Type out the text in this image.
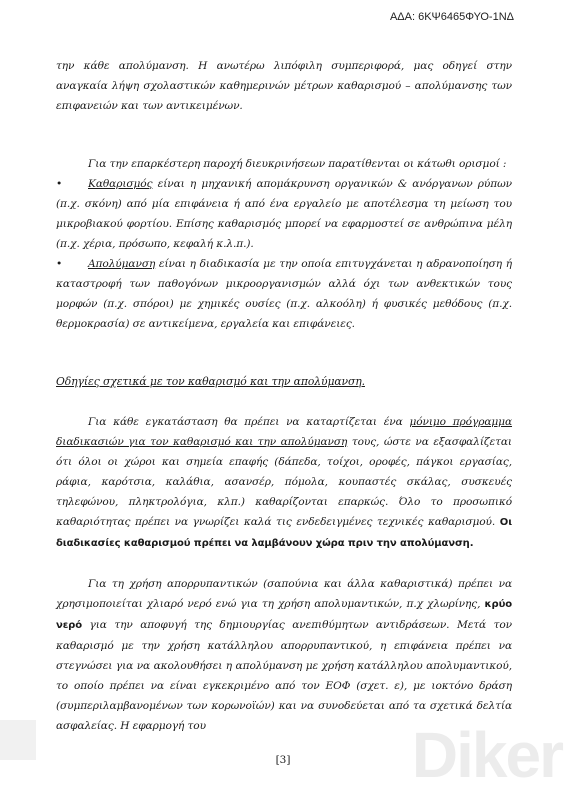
ΑΔΑ: 6ΚΨ6465ΦΥΟ-1ΝΔ

την κάθε απολύμανση. Η ανωτέρω λιπόφιλη συμπεριφορά, μας οδηγεί στην αναγκαία λήψη σχολαστικών καθημερινών μέτρων καθαρισμού – απολύμανσης των επιφανειών και των αντικειμένων.

Για την επαρκέστερη παροχή διευκρινήσεων παρατίθενται οι κάτωθι ορισμοί :

• Καθαρισμός είναι η μηχανική απομάκρυνση οργανικών & ανόργανων ρύπων (π.χ. σκόνη) από μία επιφάνεια ή από ένα εργαλείο με αποτέλεσμα τη μείωση του μικροβιακού φορτίου. Επίσης καθαρισμός μπορεί να εφαρμοστεί σε ανθρώπινα μέλη (π.χ. χέρια, πρόσωπο, κεφαλή κ.λ.π.).

• Απολύμανση είναι η διαδικασία με την οποία επιτυγχάνεται η αδρανοποίηση ή καταστροφή των παθογόνων μικροοργανισμών αλλά όχι των ανθεκτικών τους μορφών (π.χ. σπόροι) με χημικές ουσίες (π.χ. αλκοόλη) ή φυσικές μεθόδους (π.χ. θερμοκρασία) σε αντικείμενα, εργαλεία και επιφάνειες.

Οδηγίες σχετικά με τον καθαρισμό και την απολύμανση.

Για κάθε εγκατάσταση θα πρέπει να καταρτίζεται ένα μόνιμο πρόγραμμα διαδικασιών για τον καθαρισμό και την απολύμανση τους, ώστε να εξασφαλίζεται ότι όλοι οι χώροι και σημεία επαφής (δάπεδα, τοίχοι, οροφές, πάγκοι εργασίας, ράφια, καρότσια, καλάθια, ασανσέρ, πόμολα, κουπαστές σκάλας, συσκευές τηλεφώνου, πληκτρολόγια, κλπ.) καθαρίζονται επαρκώς. Όλο το προσωπικό καθαριότητας πρέπει να γνωρίζει καλά τις ενδεδειγμένες τεχνικές καθαρισμού. Οι διαδικασίες καθαρισμού πρέπει να λαμβάνουν χώρα πριν την απολύμανση.

Για τη χρήση απορρυπαντικών (σαπούνια και άλλα καθαριστικά) πρέπει να χρησιμοποιείται χλιαρό νερό ενώ για τη χρήση απολυμαντικών, π.χ χλωρίνης, κρύο νερό για την αποφυγή της δημιουργίας ανεπιθύμητων αντιδράσεων. Μετά τον καθαρισμό με την χρήση κατάλληλου απορρυπαντικού, η επιφάνεια πρέπει να στεγνώσει για να ακολουθήσει η απολύμανση με χρήση κατάλληλου απολυμαντικού, το οποίο πρέπει να είναι εγκεκριμένο από τον ΕΟΦ (σχετ. ε), με ιοκτόνο δράση (συμπεριλαμβανομένων των κορωνοϊών) και να συνοδεύεται από τα σχετικά δελτία ασφαλείας. Η εφαρμογή του	Diker
[3]
